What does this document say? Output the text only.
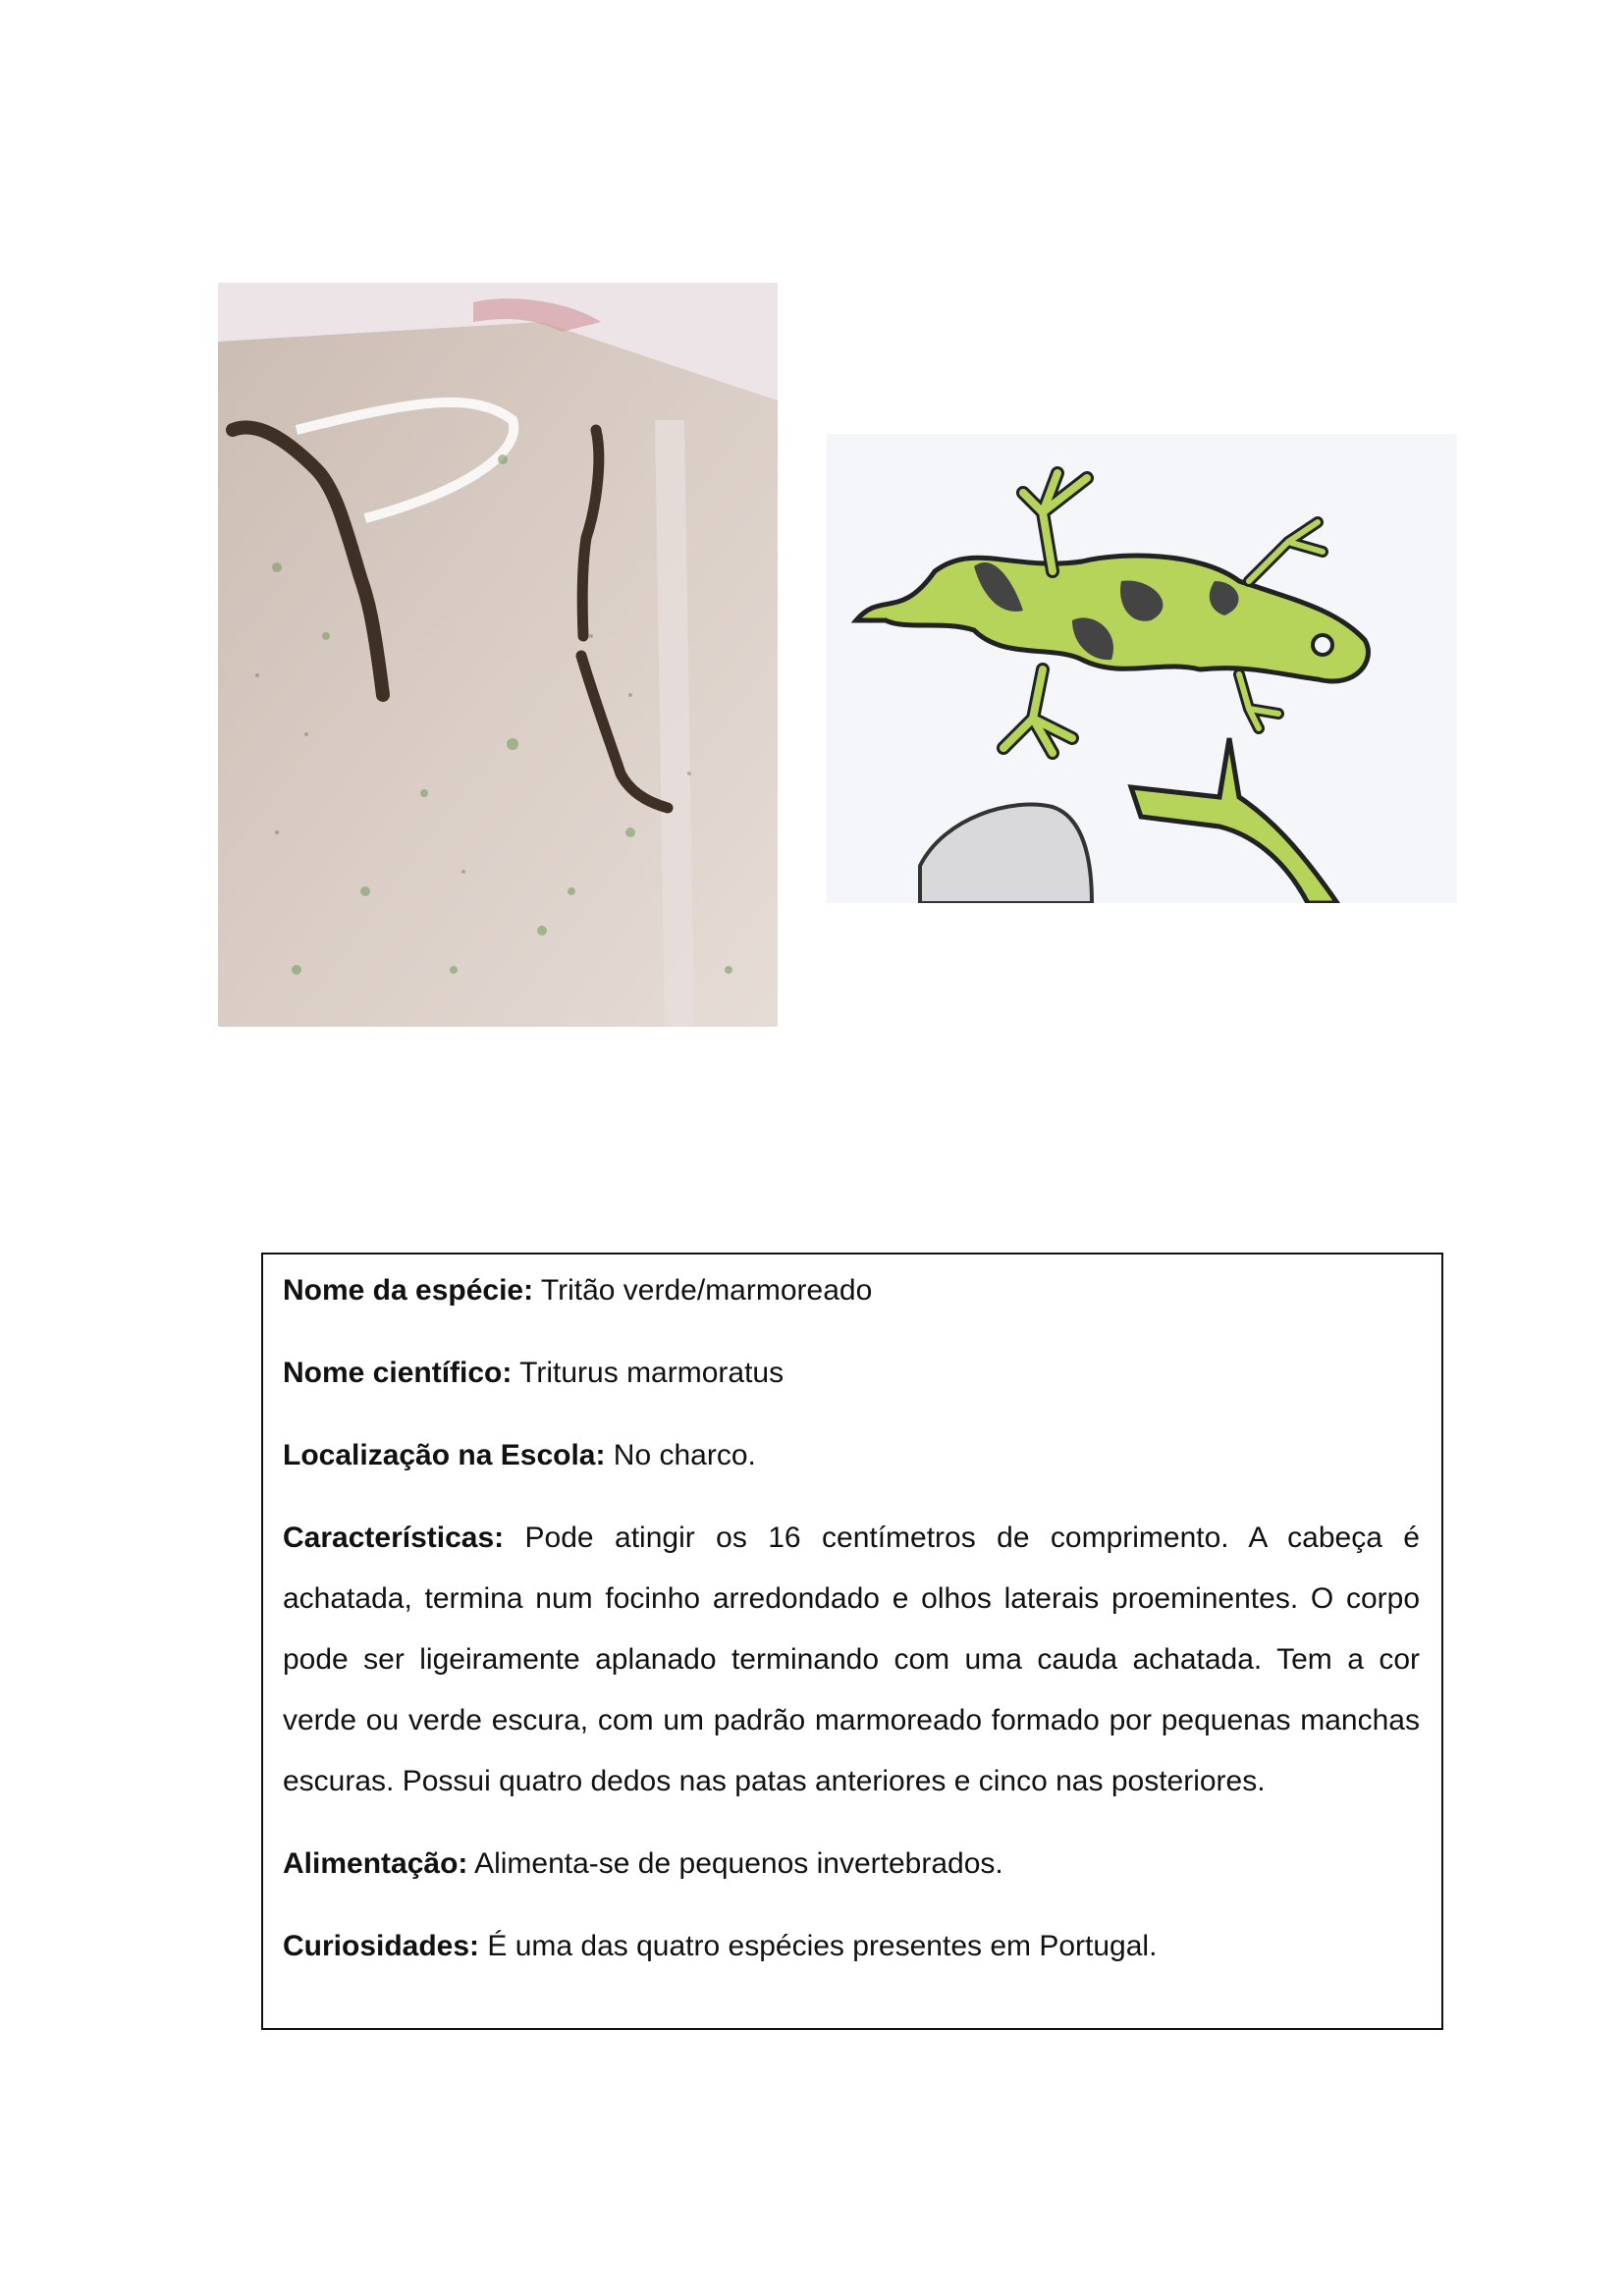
Nome da espécie: Tritão verde/marmoreado

Nome científico: Triturus marmoratus

Localização na Escola: No charco.

Características: Pode atingir os 16 centímetros de comprimento. A cabeça é achatada, termina num focinho arredondado e olhos laterais proeminentes. O corpo pode ser ligeiramente aplanado terminando com uma cauda achatada. Tem a cor verde ou verde escura, com um padrão marmoreado formado por pequenas manchas escuras. Possui quatro dedos nas patas anteriores e cinco nas posteriores.

Alimentação: Alimenta-se de pequenos invertebrados.

Curiosidades: É uma das quatro espécies presentes em Portugal.
